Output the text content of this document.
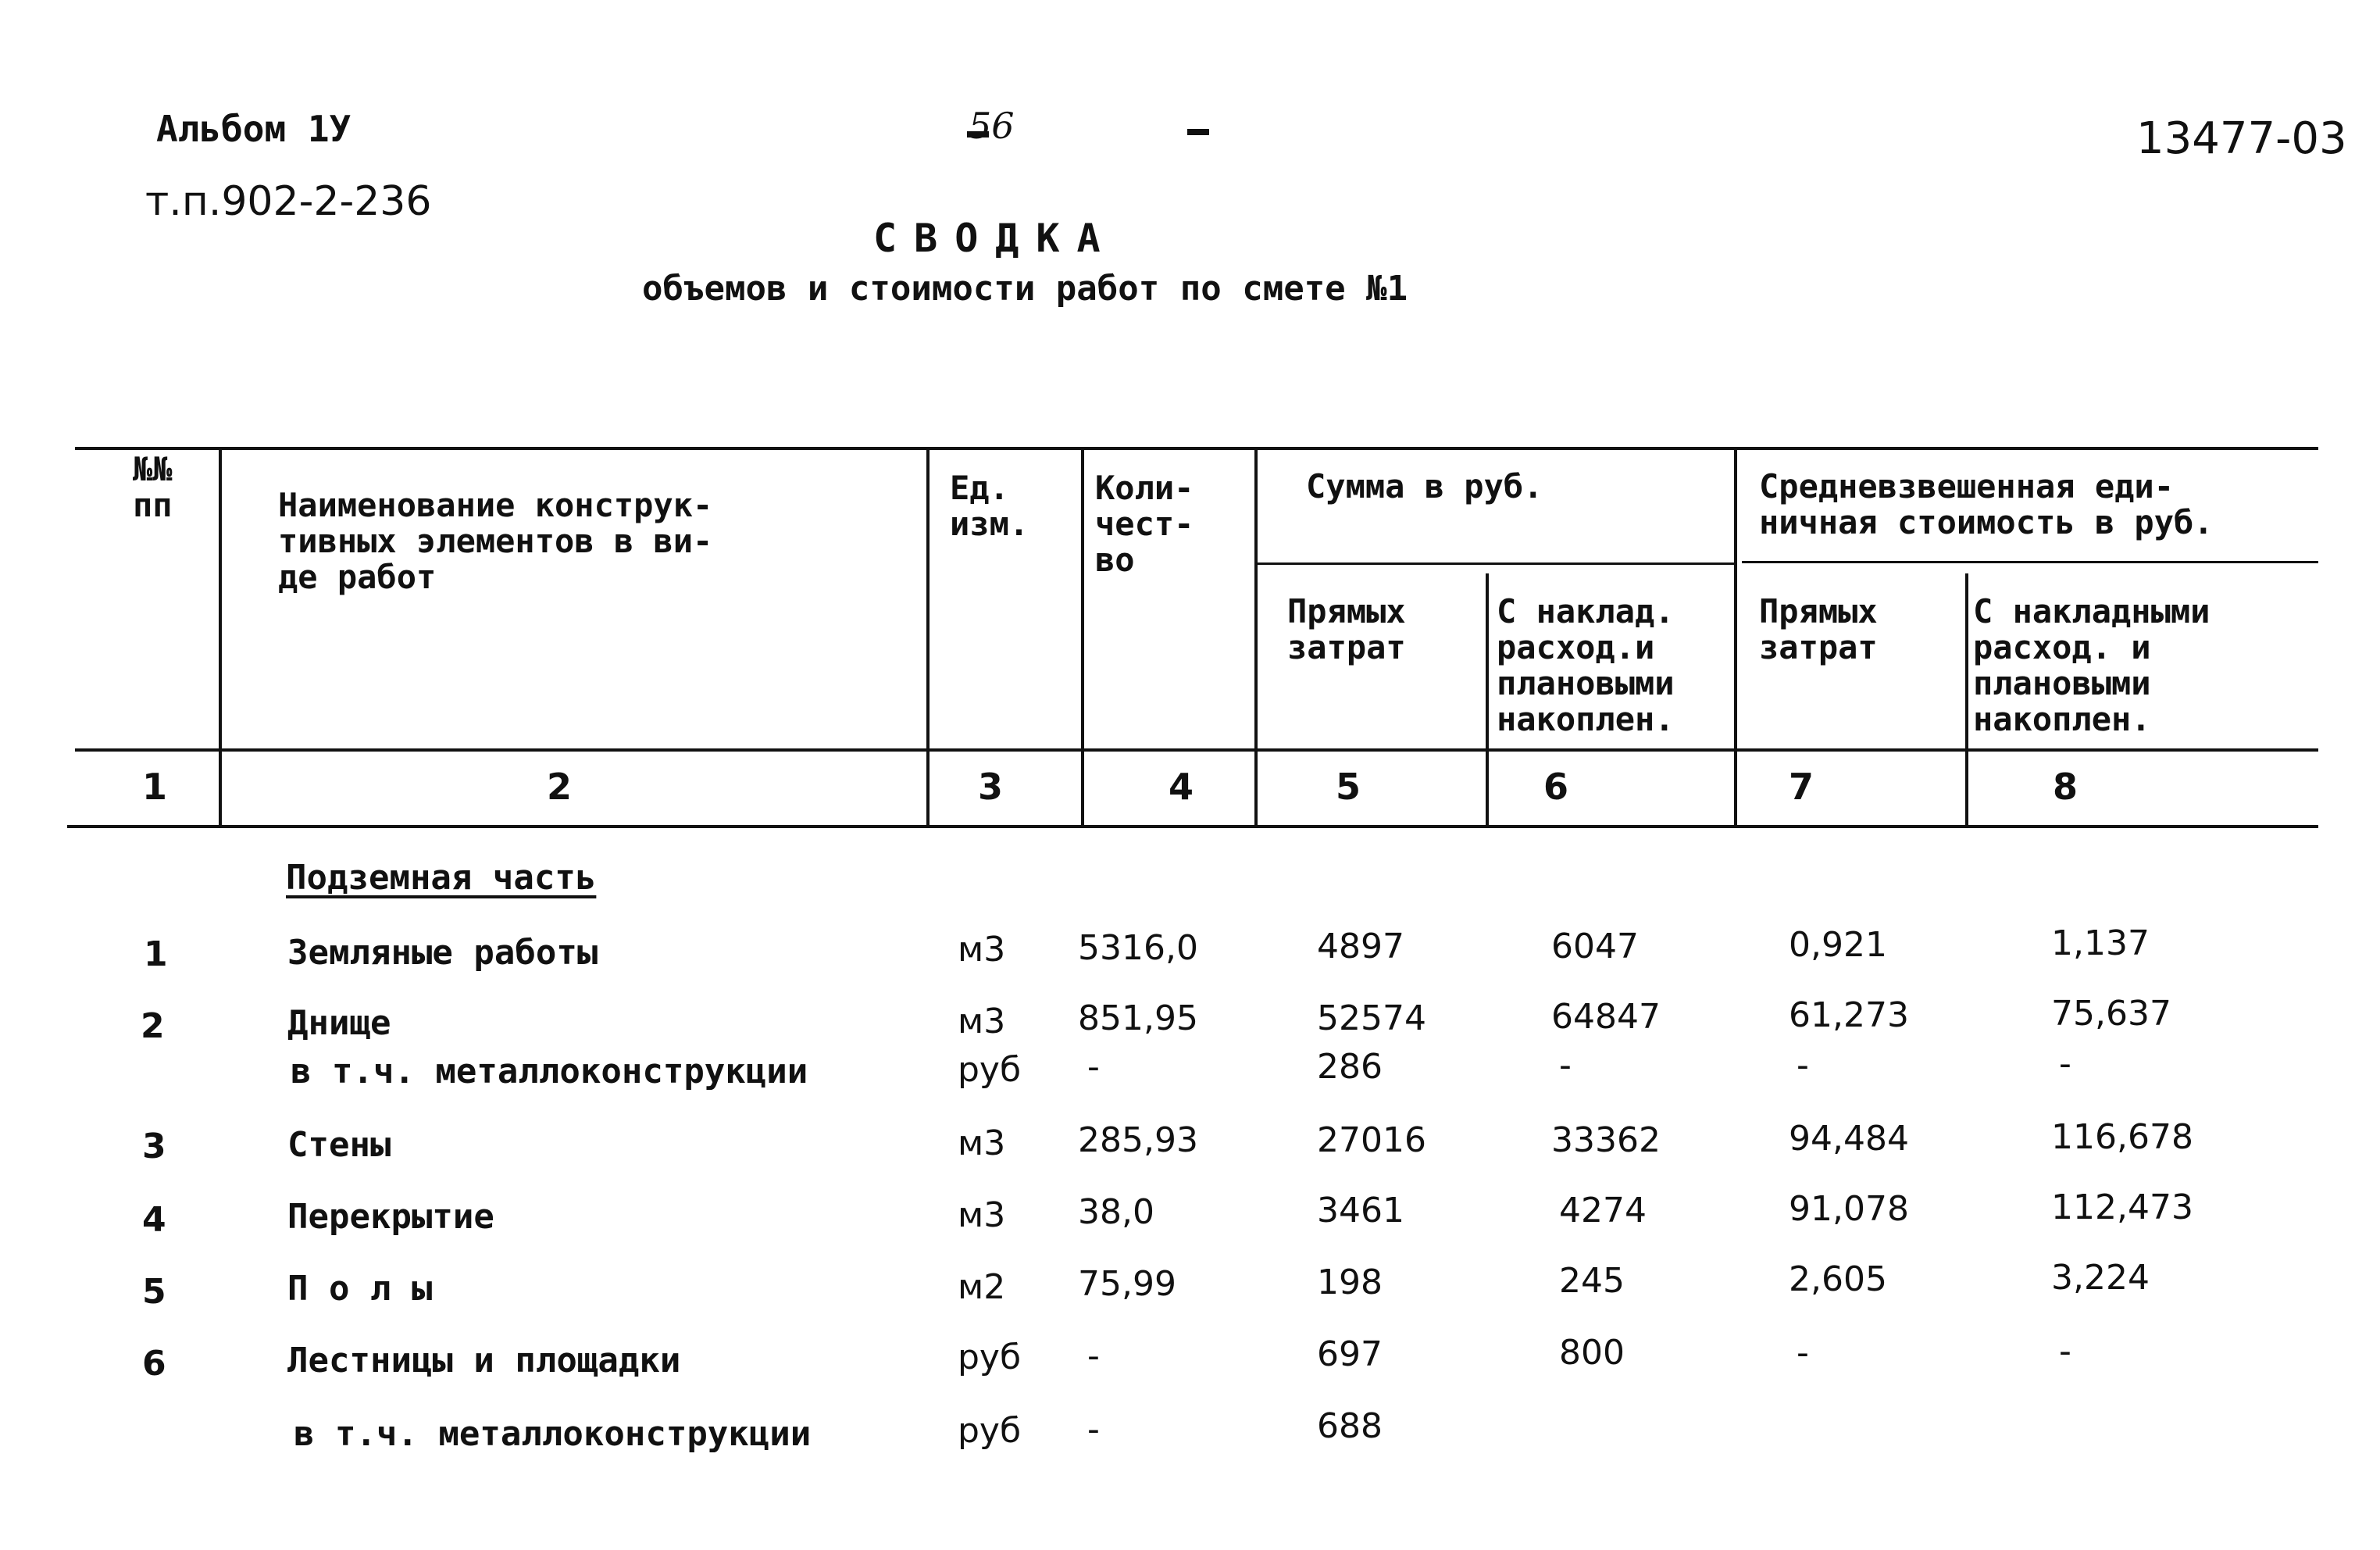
Альбом 1У
т.п.902-2-236
56	13477-03
СВОДКА
объемов и стоимости работ по смете №1
№№
пп	Наименование конструк-
тивных элементов в ви-
де работ
Ед.
изм.
Коли-
чест-
во
Сумма в руб.
Прямых
затрат
С наклад.
расход.и
плановыми
накоплен.
Средневзвешенная еди-
ничная стоимость в руб.
Прямых
затрат
С накладными
расход. и
плановыми
накоплен.
1	2	3	4	5	6	7	8
Подземная часть
1	Земляные работы	м3 5316,0	4897	6047	0,921	1,137
2	Днище	м3 851,95	52574	64847	61,273	75,637
в т.ч. металлоконструкции	руб -	286	-	-	-
3	Стены	м3 285,93	27016	33362	94,484	116,678
4	Перекрытие	м3 38,0	3461	4274	91,078	112,473
5	П о л ы	м2 75,99	198	245	2,605	3,224
6	Лестницы и площадки	руб -	697	800	-	-
в т.ч. металлоконструкции	руб -	688
